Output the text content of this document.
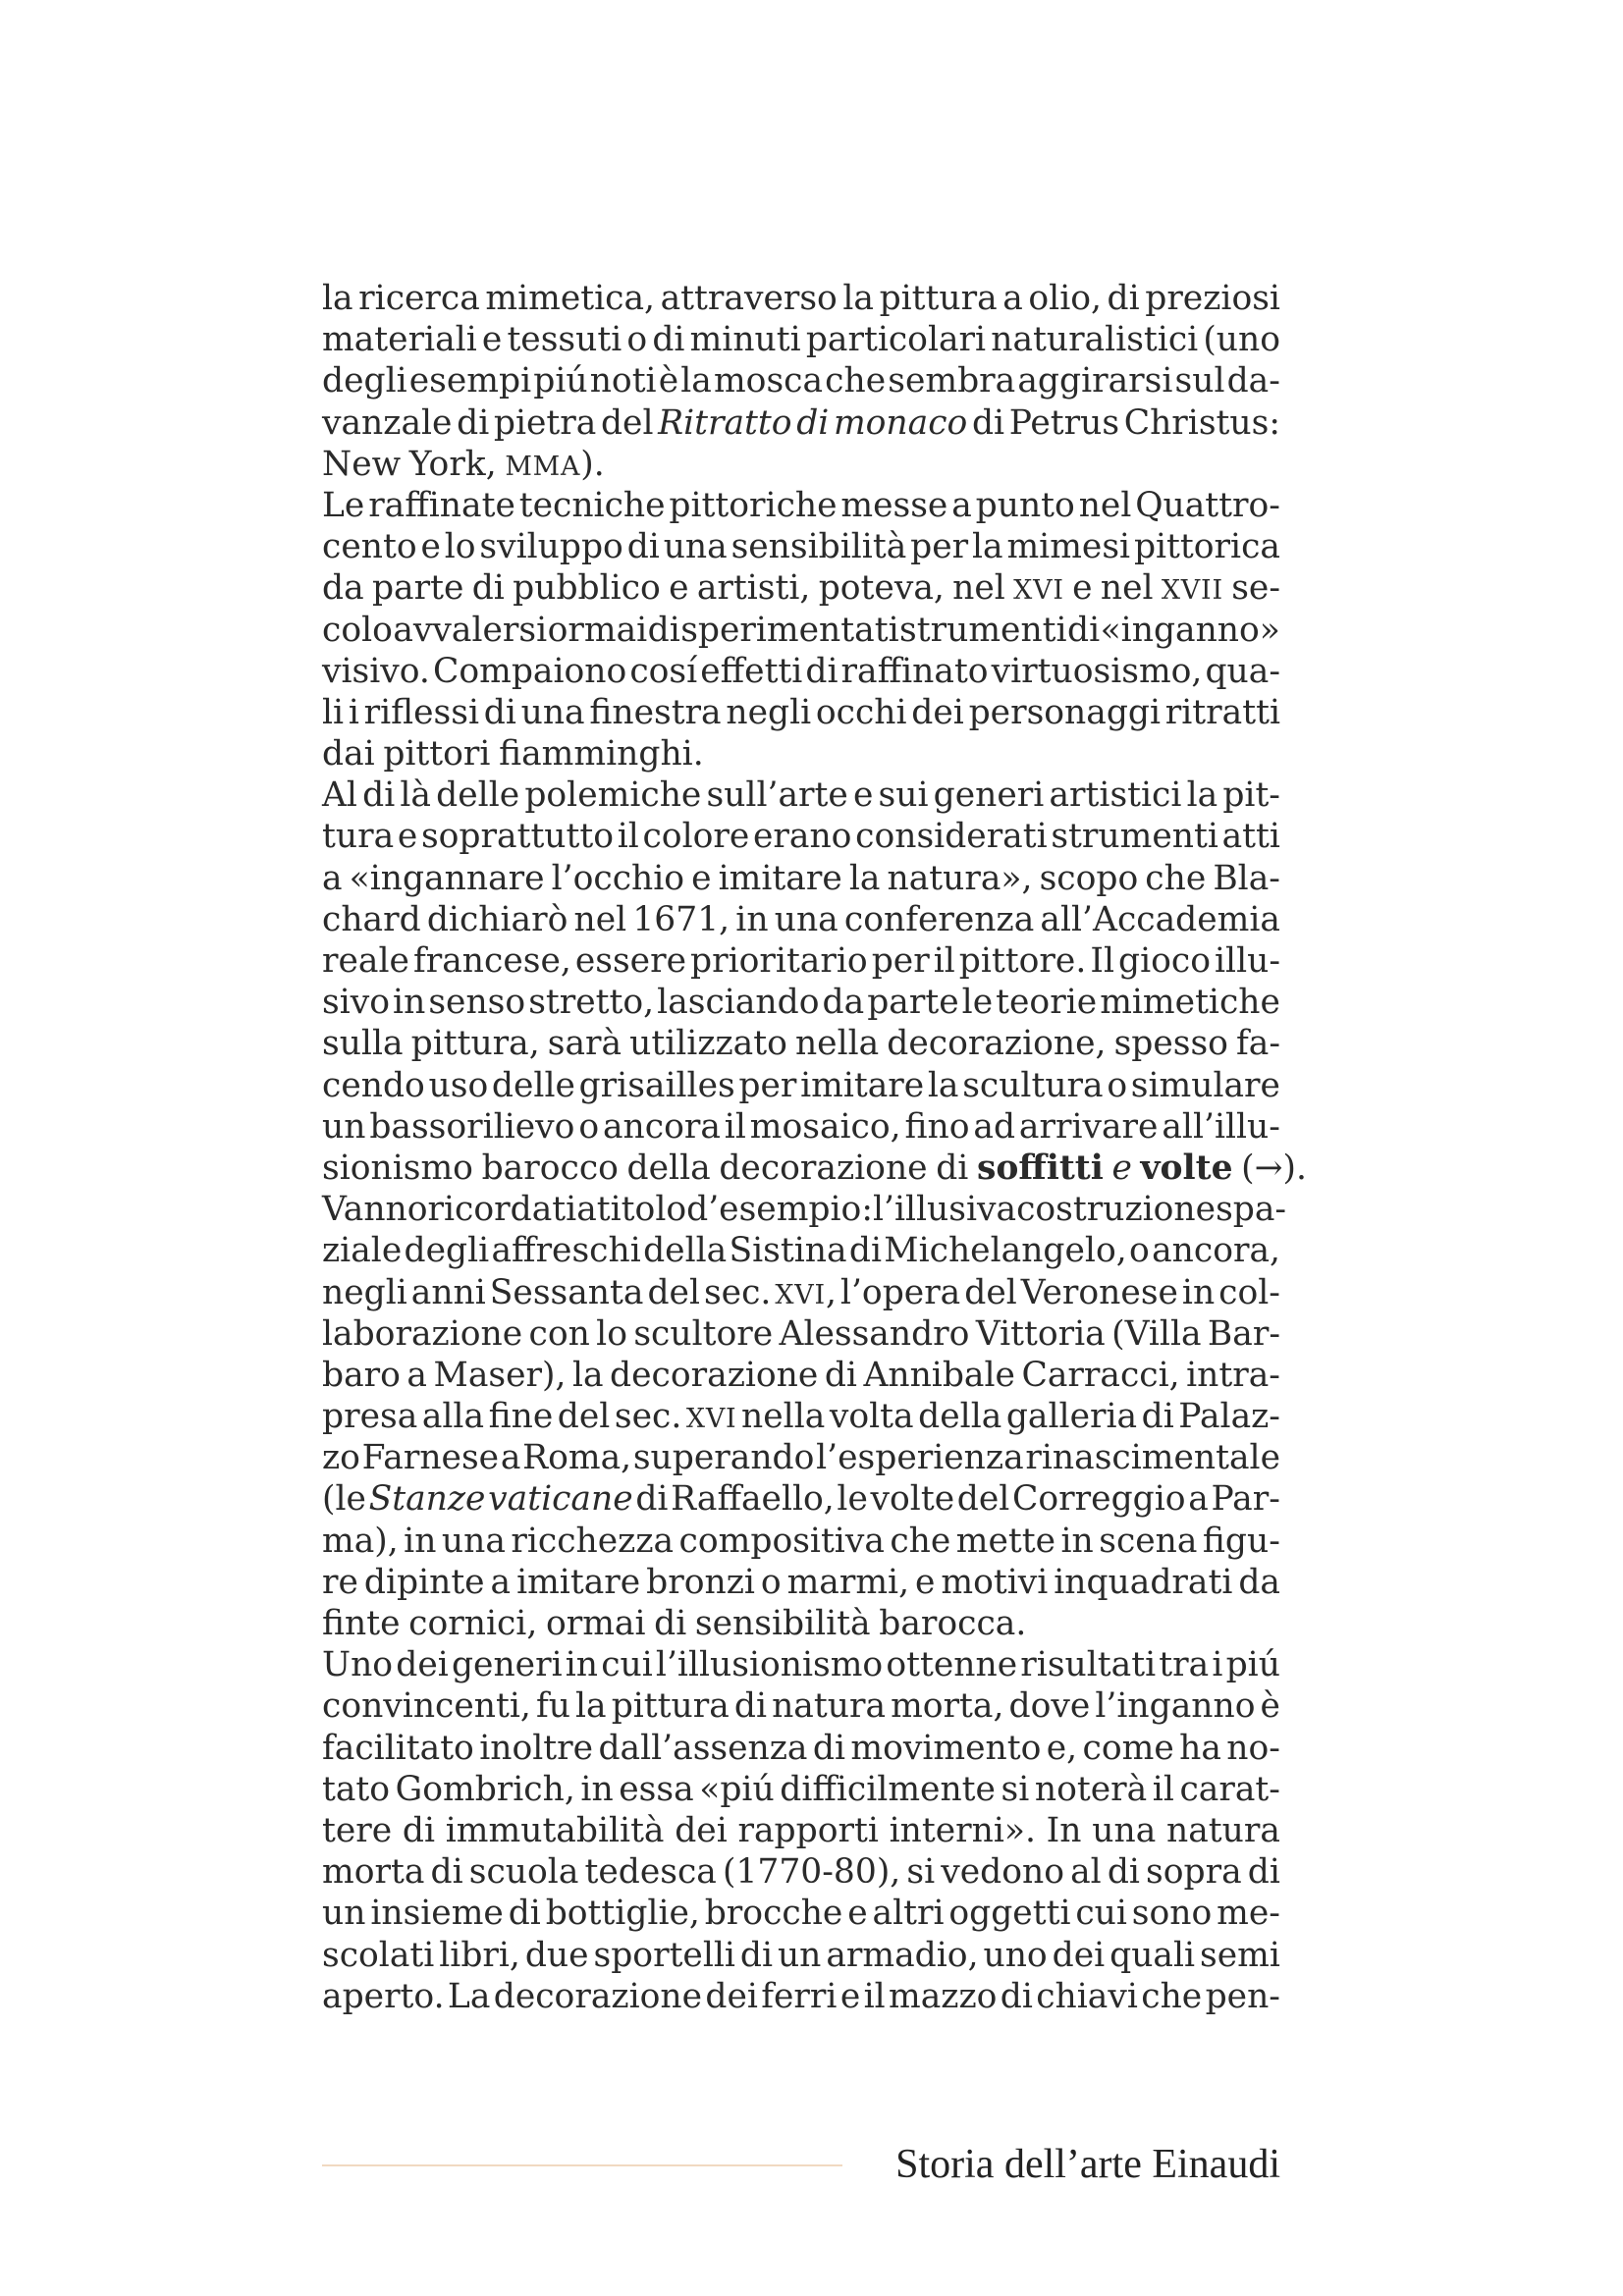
la ricerca mimetica, attraverso la pittura a olio, di preziosi
materiali e tessuti o di minuti particolari naturalistici (uno
degli esempi piú noti è la mosca che sembra aggirarsi sul da-
vanzale di pietra del Ritratto di monaco di Petrus Christus:
New York, MMA).
Le raffinate tecniche pittoriche messe a punto nel Quattro-
cento e lo sviluppo di una sensibilità per la mimesi pittorica
da parte di pubblico e artisti, poteva, nel XVI e nel XVII se-
colo avvalersi ormai di sperimentati strumenti di «inganno»
visivo. Compaiono cosí effetti di raffinato virtuosismo, qua-
li i riflessi di una finestra negli occhi dei personaggi ritratti
dai pittori fiamminghi.
Al di là delle polemiche sull’arte e sui generi artistici la pit-
tura e soprattutto il colore erano considerati strumenti atti
a «ingannare l’occhio e imitare la natura», scopo che Bla-
chard dichiarò nel 1671, in una conferenza all’Accademia
reale francese, essere prioritario per il pittore. Il gioco illu-
sivo in senso stretto, lasciando da parte le teorie mimetiche
sulla pittura, sarà utilizzato nella decorazione, spesso fa-
cendo uso delle grisailles per imitare la scultura o simulare
un bassorilievo o ancora il mosaico, fino ad arrivare all’illu-
sionismo barocco della decorazione di soffitti e volte (→).
Vanno ricordati a titolo d’esempio: l’illusiva costruzione spa-
ziale degli affreschi della Sistina di Michelangelo, o ancora,
negli anni Sessanta del sec. XVI, l’opera del Veronese in col-
laborazione con lo scultore Alessandro Vittoria (Villa Bar-
baro a Maser), la decorazione di Annibale Carracci, intra-
presa alla fine del sec. XVI nella volta della galleria di Palaz-
zo Farnese a Roma, superando l’esperienza rinascimentale
(le Stanze vaticane di Raffaello, le volte del Correggio a Par-
ma), in una ricchezza compositiva che mette in scena figu-
re dipinte a imitare bronzi o marmi, e motivi inquadrati da
finte cornici, ormai di sensibilità barocca.
Uno dei generi in cui l’illusionismo ottenne risultati tra i piú
convincenti, fu la pittura di natura morta, dove l’inganno è
facilitato inoltre dall’assenza di movimento e, come ha no-
tato Gombrich, in essa «piú difficilmente si noterà il carat-
tere di immutabilità dei rapporti interni». In una natura
morta di scuola tedesca (1770-80), si vedono al di sopra di
un insieme di bottiglie, brocche e altri oggetti cui sono me-
scolati libri, due sportelli di un armadio, uno dei quali semi
aperto. La decorazione dei ferri e il mazzo di chiavi che pen-
Storia dell’arte Einaudi
